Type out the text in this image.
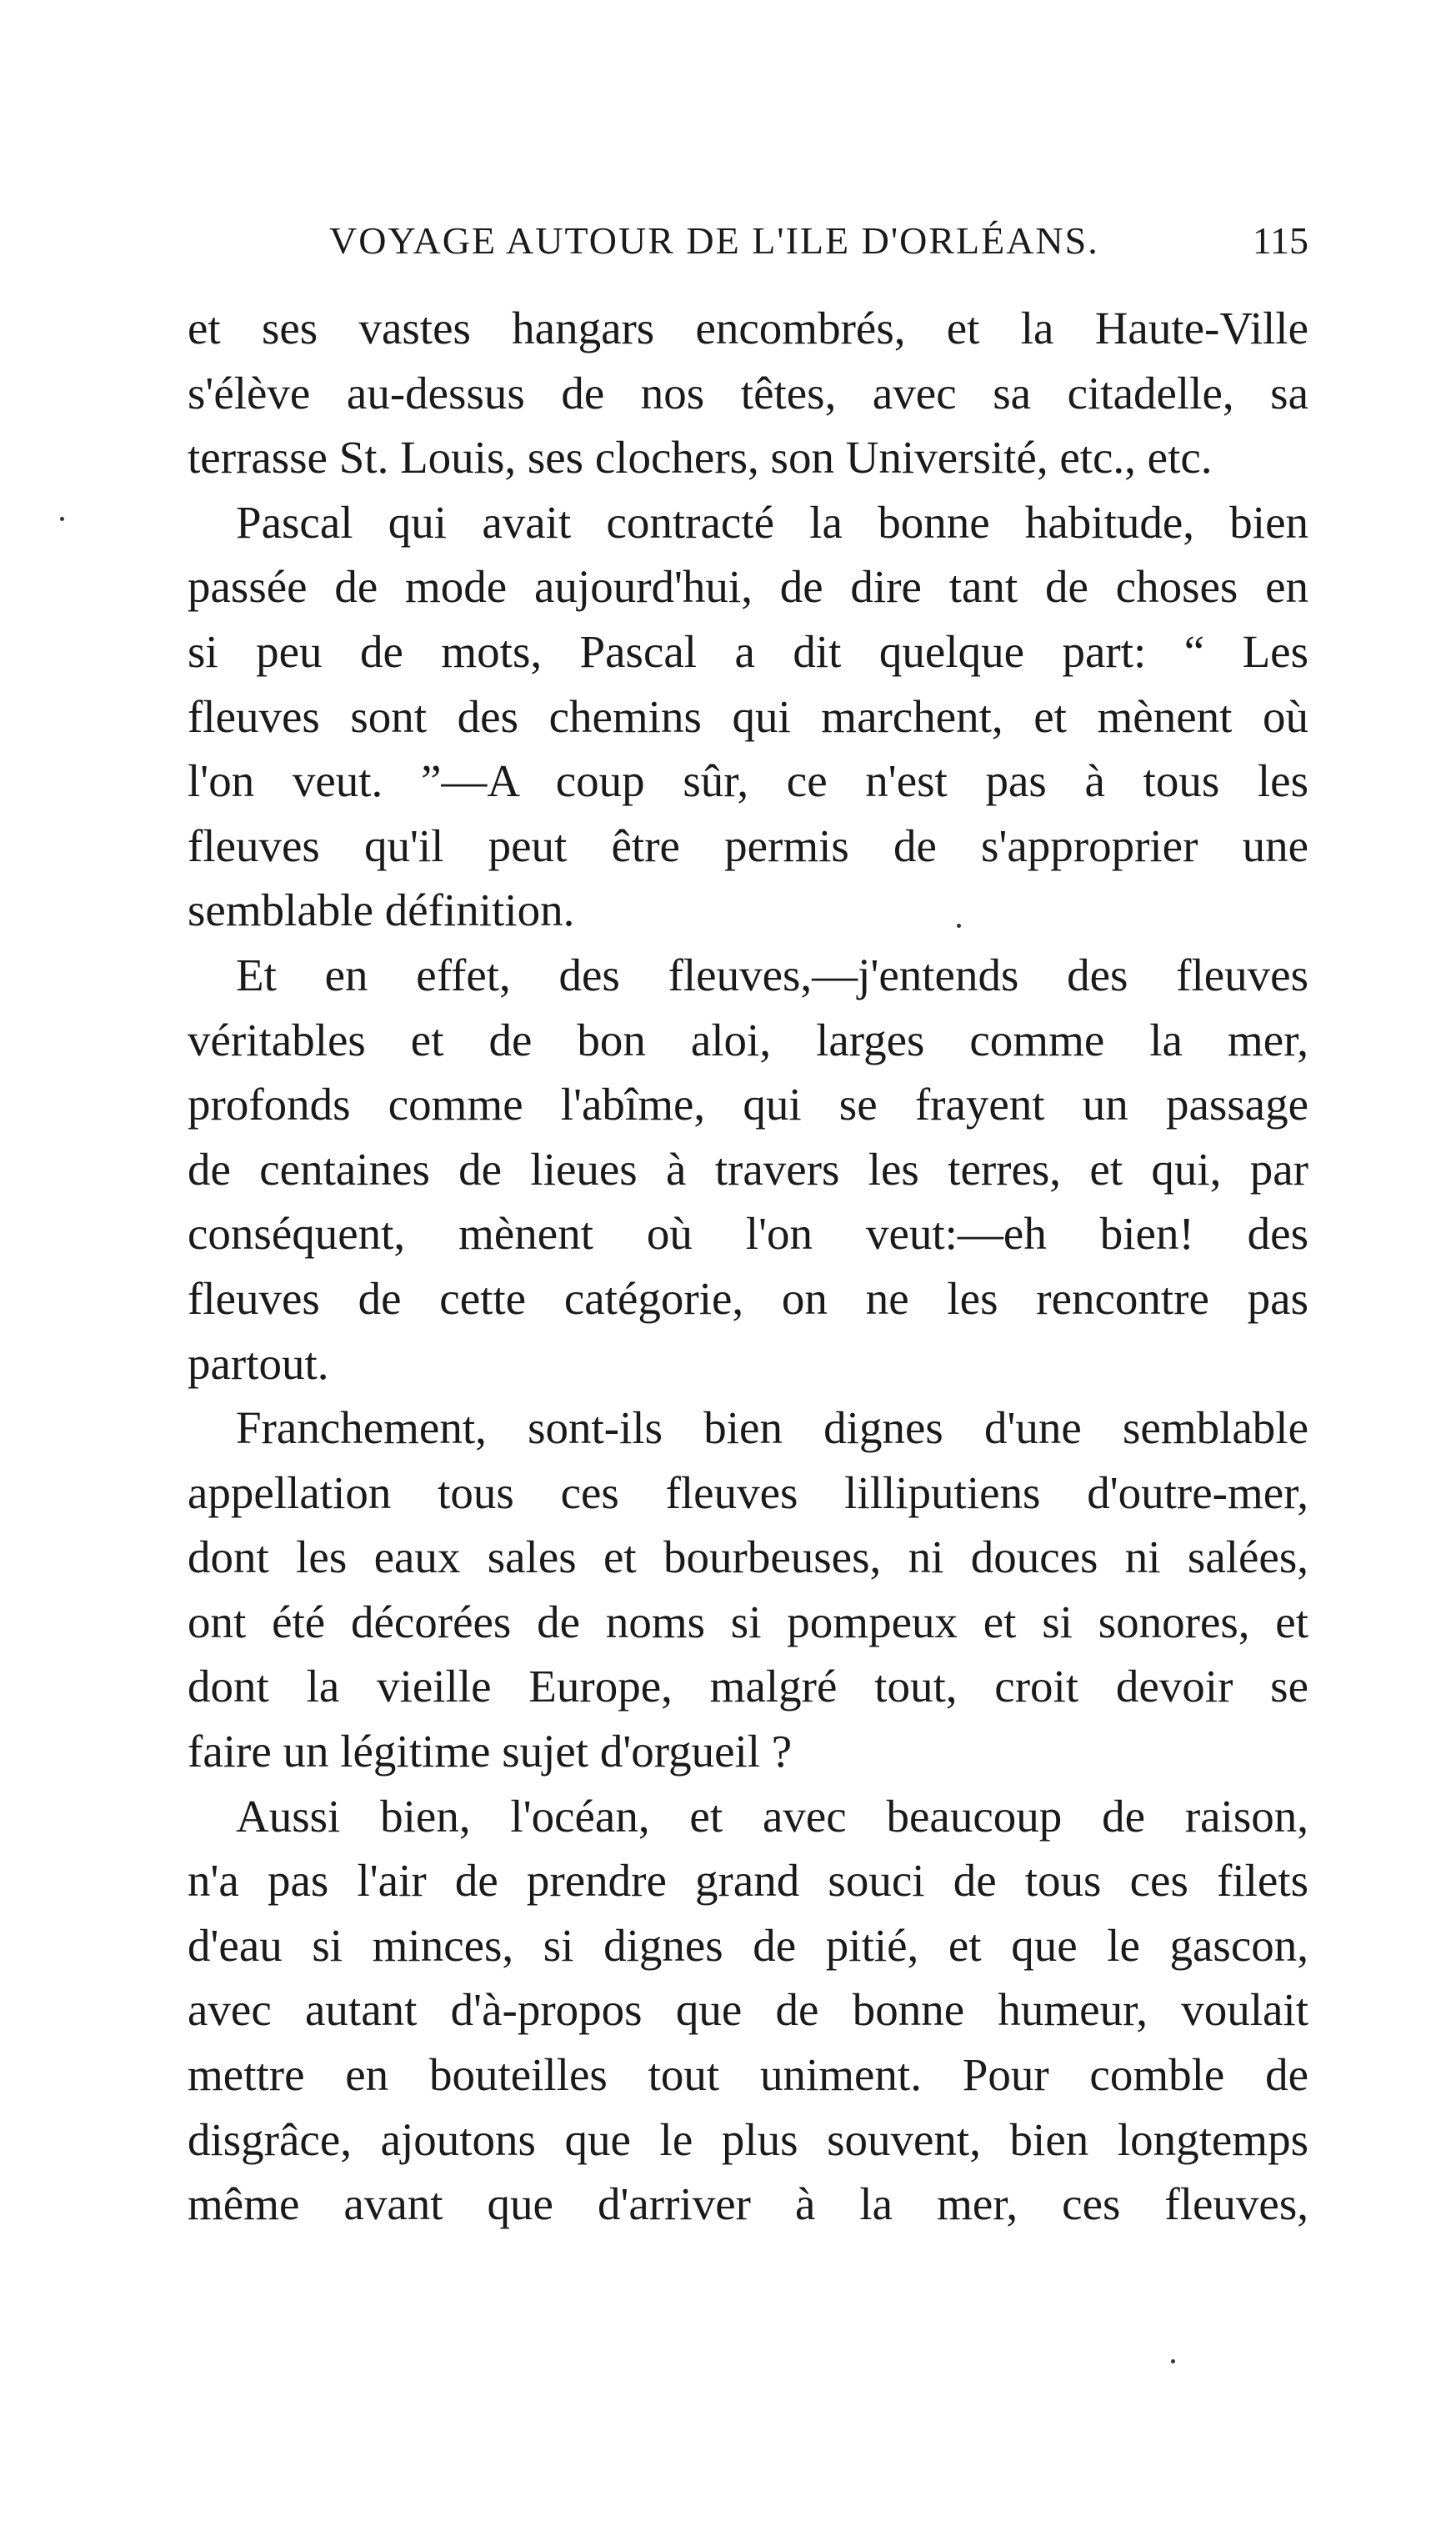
VOYAGE AUTOUR DE L'ILE D'ORLÉANS.	115
et ses vastes hangars encombrés, et la Haute-Ville
s'élève au-dessus de nos têtes, avec sa citadelle, sa
terrasse St. Louis, ses clochers, son Université, etc., etc.
Pascal qui avait contracté la bonne habitude, bien
passée de mode aujourd'hui, de dire tant de choses en
si peu de mots, Pascal a dit quelque part: “ Les
fleuves sont des chemins qui marchent, et mènent où
l'on veut. ”—A coup sûr, ce n'est pas à tous les
fleuves qu'il peut être permis de s'approprier une
semblable définition.
Et en effet, des fleuves,—j'entends des fleuves
véritables et de bon aloi, larges comme la mer,
profonds comme l'abîme, qui se frayent un passage
de centaines de lieues à travers les terres, et qui, par
conséquent, mènent où l'on veut:—eh bien! des
fleuves de cette catégorie, on ne les rencontre pas
partout.
Franchement, sont-ils bien dignes d'une semblable
appellation tous ces fleuves lilliputiens d'outre-mer,
dont les eaux sales et bourbeuses, ni douces ni salées,
ont été décorées de noms si pompeux et si sonores, et
dont la vieille Europe, malgré tout, croit devoir se
faire un légitime sujet d'orgueil ?
Aussi bien, l'océan, et avec beaucoup de raison,
n'a pas l'air de prendre grand souci de tous ces filets
d'eau si minces, si dignes de pitié, et que le gascon,
avec autant d'à-propos que de bonne humeur, voulait
mettre en bouteilles tout uniment. Pour comble de
disgrâce, ajoutons que le plus souvent, bien longtemps
même avant que d'arriver à la mer, ces fleuves,
